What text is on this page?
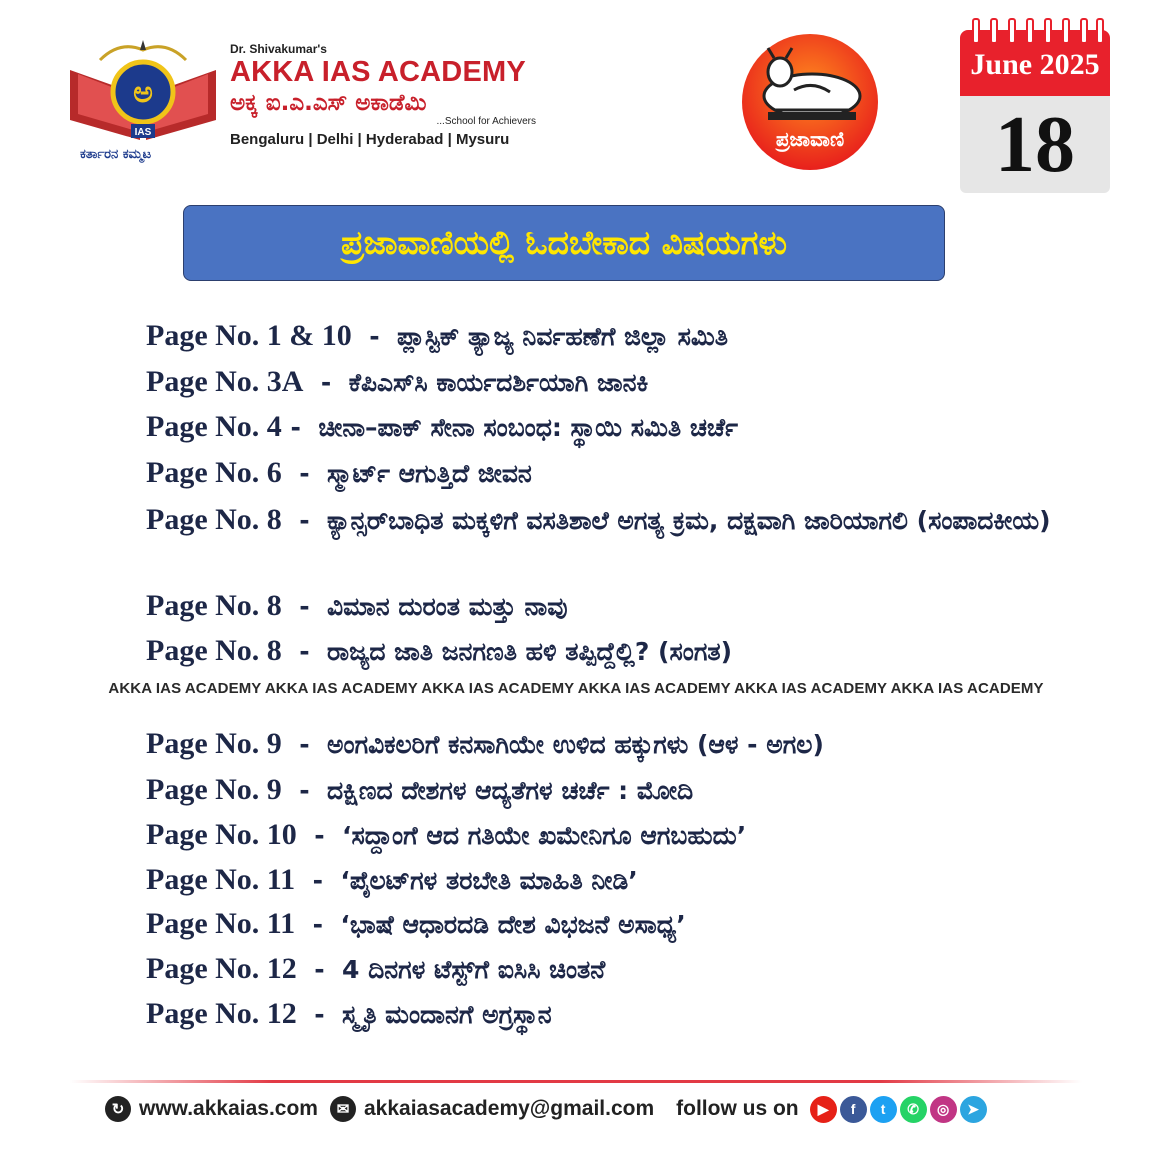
ಅ
IAS
ಕರ್ತಾರನ ಕಮ್ಮಟ
Dr. Shivakumar's
AKKA IAS ACADEMY
ಅಕ್ಕ ಐ.ಎ.ಎಸ್ ಅಕಾಡೆಮಿ
...School for Achievers
Bengaluru | Delhi | Hyderabad | Mysuru	ಪ್ರಜಾವಾಣಿ
June 2025
18
ಪ್ರಜಾವಾಣಿಯಲ್ಲಿ ಓದಬೇಕಾದ ವಿಷಯಗಳು
Page No. 1 & 10  -  ಪ್ಲಾಸ್ಟಿಕ್ ತ್ಯಾಜ್ಯ ನಿರ್ವಹಣೆಗೆ ಜಿಲ್ಲಾ ಸಮಿತಿ
Page No. 3A  -  ಕೆಪಿಎಸ್‌ಸಿ ಕಾರ್ಯದರ್ಶಿಯಾಗಿ ಜಾನಕಿ
Page No. 4 -  ಚೀನಾ–ಪಾಕ್ ಸೇನಾ ಸಂಬಂಧ: ಸ್ಥಾಯಿ ಸಮಿತಿ ಚರ್ಚೆ
Page No. 6  -  ಸ್ಮಾರ್ಟ್ ಆಗುತ್ತಿದೆ ಜೀವನ
Page No. 8  -  ಕ್ಯಾನ್ಸರ್‌ಬಾಧಿತ ಮಕ್ಕಳಿಗೆ ವಸತಿಶಾಲೆ ಅಗತ್ಯ ಕ್ರಮ, ದಕ್ಷವಾಗಿ ಜಾರಿಯಾಗಲಿ (ಸಂಪಾದಕೀಯ)
Page No. 8  -  ವಿಮಾನ ದುರಂತ ಮತ್ತು ನಾವು
Page No. 8  -  ರಾಜ್ಯದ ಜಾತಿ ಜನಗಣತಿ ಹಳಿ ತಪ್ಪಿದ್ದೆಲ್ಲಿ? (ಸಂಗತ)
AKKA IAS ACADEMY AKKA IAS ACADEMY AKKA IAS ACADEMY AKKA IAS ACADEMY AKKA IAS ACADEMY AKKA IAS ACADEMY
Page No. 9  -  ಅಂಗವಿಕಲರಿಗೆ ಕನಸಾಗಿಯೇ ಉಳಿದ ಹಕ್ಕುಗಳು (ಆಳ - ಅಗಲ)
Page No. 9  -  ದಕ್ಷಿಣದ ದೇಶಗಳ ಆದ್ಯತೆಗಳ ಚರ್ಚೆ : ಮೋದಿ
Page No. 10  -  ‘ಸದ್ದಾಂಗೆ ಆದ ಗತಿಯೇ ಖಮೇನಿಗೂ ಆಗಬಹುದು’
Page No. 11  -  ‘ಪೈಲಟ್‌ಗಳ ತರಬೇತಿ ಮಾಹಿತಿ ನೀಡಿ’
Page No. 11  -  ‘ಭಾಷೆ ಆಧಾರದಡಿ ದೇಶ ವಿಭಜನೆ ಅಸಾಧ್ಯ’
Page No. 12  -  4 ದಿನಗಳ ಟೆಸ್ಟ್‌ಗೆ ಐಸಿಸಿ ಚಿಂತನೆ
Page No. 12  -  ಸ್ಮೃತಿ ಮಂದಾನಗೆ ಅಗ್ರಸ್ಥಾನ
↻ www.akkaias.com	✉ akkaiasacademy@gmail.com follow us on	▶	f	t	✆	◎	➤
